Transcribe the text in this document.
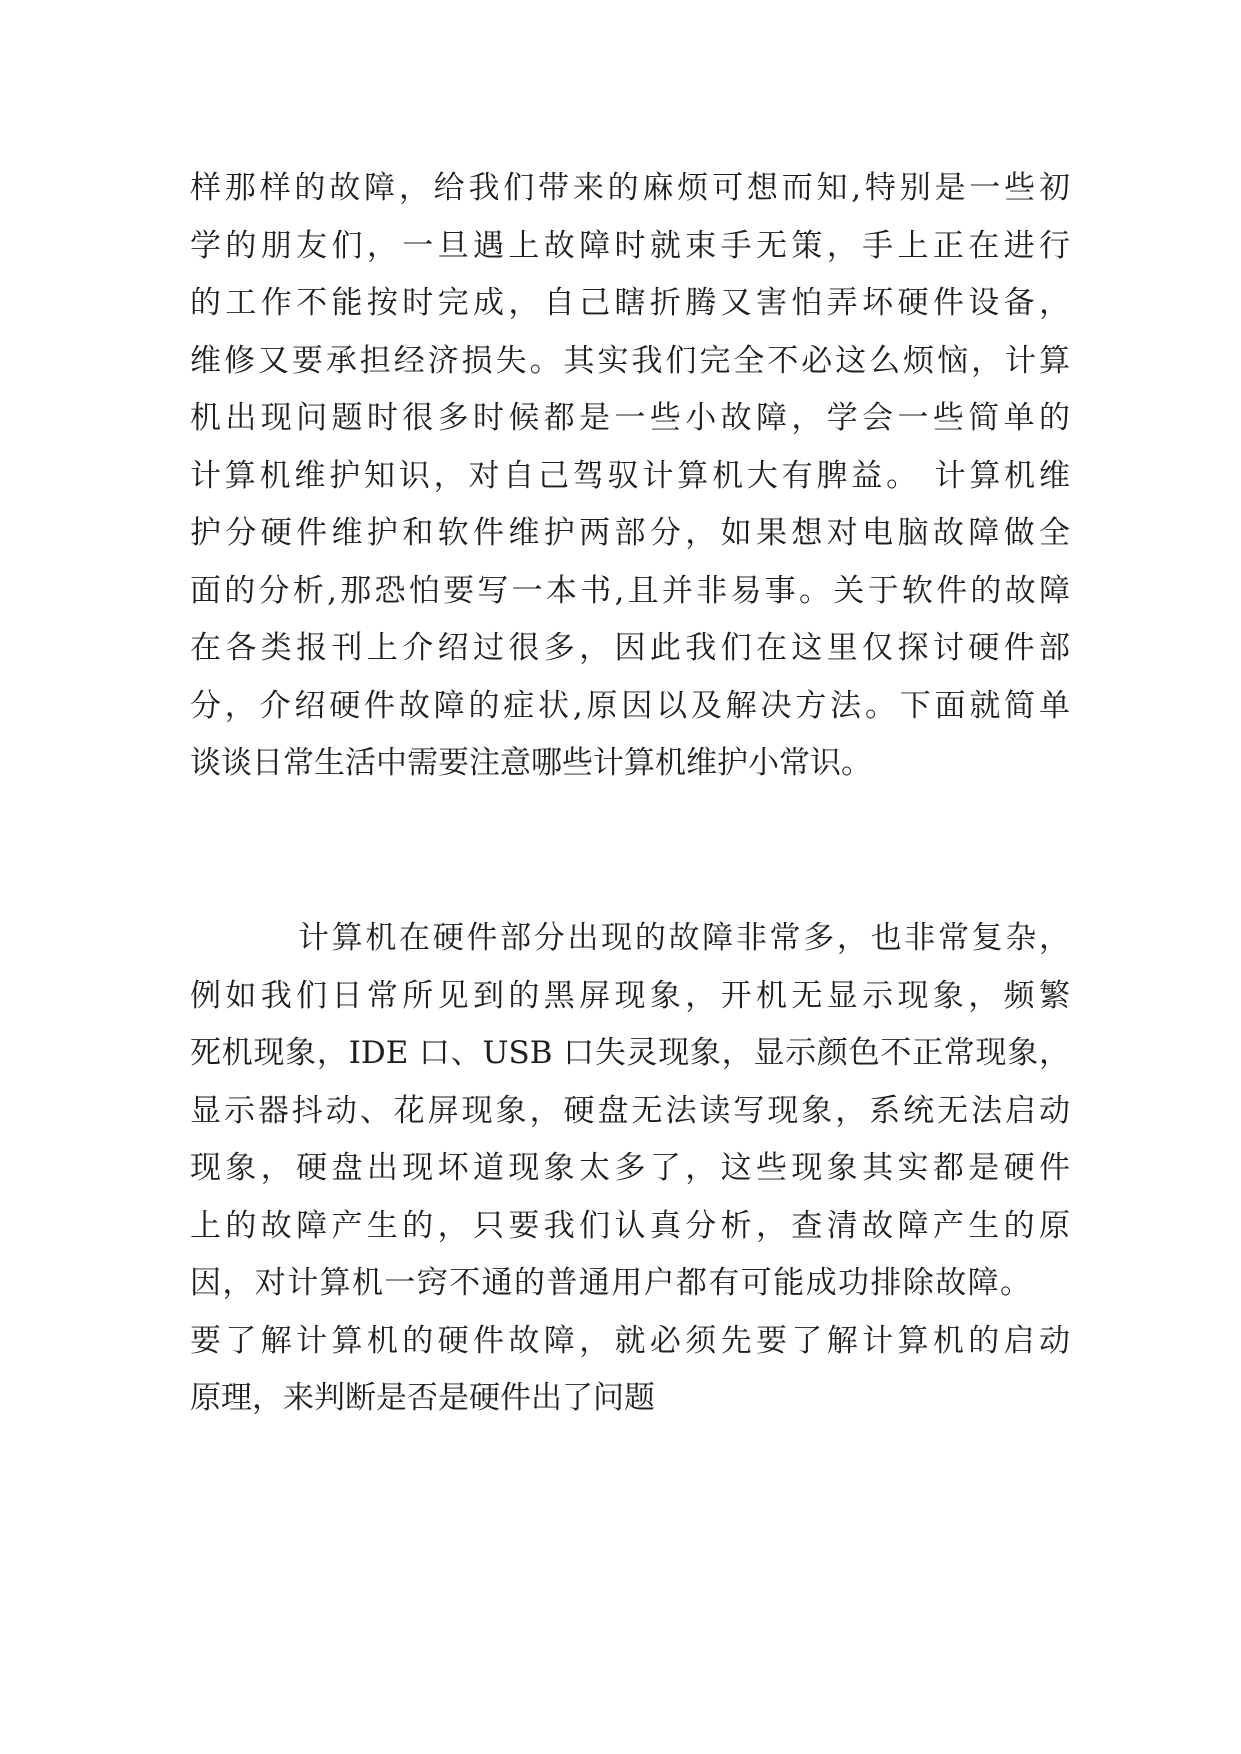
样那样的故障，给我们带来的麻烦可想而知,特别是一些初
学的朋友们，一旦遇上故障时就束手无策，手上正在进行
的工作不能按时完成，自己瞎折腾又害怕弄坏硬件设备，
维修又要承担经济损失。其实我们完全不必这么烦恼，计算
机出现问题时很多时候都是一些小故障，学会一些简单的
计算机维护知识，对自己驾驭计算机大有脾益。 计算机维
护分硬件维护和软件维护两部分，如果想对电脑故障做全
面的分析,那恐怕要写一本书,且并非易事。关于软件的故障
在各类报刊上介绍过很多，因此我们在这里仅探讨硬件部
分，介绍硬件故障的症状,原因以及解决方法。下面就简单
谈谈日常生活中需要注意哪些计算机维护小常识。
计算机在硬件部分出现的故障非常多，也非常复杂，
例如我们日常所见到的黑屏现象，开机无显示现象，频繁
死机现象，IDE 口、USB 口失灵现象，显示颜色不正常现象，
显示器抖动、花屏现象，硬盘无法读写现象，系统无法启动
现象，硬盘出现坏道现象太多了，这些现象其实都是硬件
上的故障产生的，只要我们认真分析，查清故障产生的原
因，对计算机一窍不通的普通用户都有可能成功排除故障。
要了解计算机的硬件故障，就必须先要了解计算机的启动
原理，来判断是否是硬件出了问题
